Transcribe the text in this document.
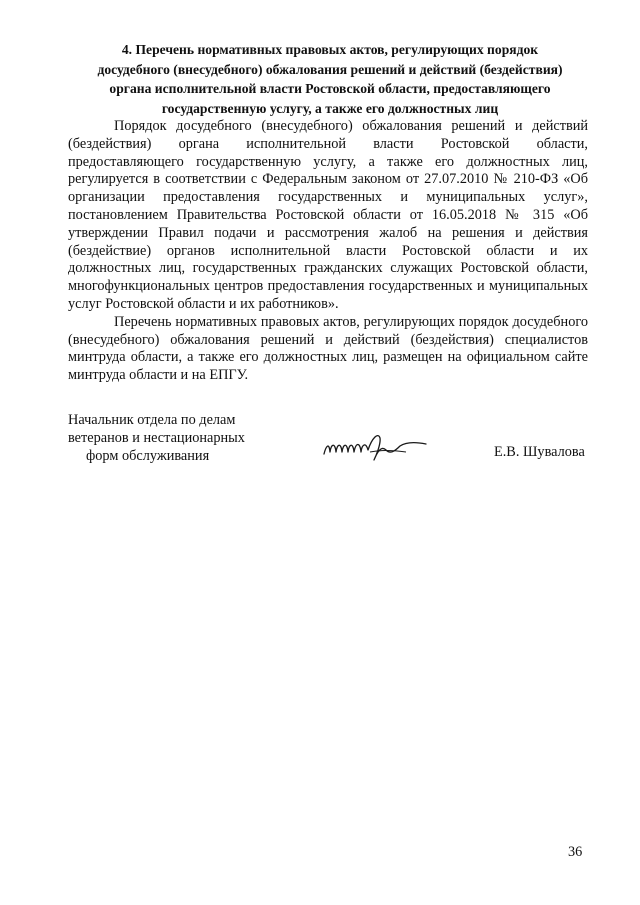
4. Перечень нормативных правовых актов, регулирующих порядок
досудебного (внесудебного) обжалования решений и действий (бездействия)
органа исполнительной власти Ростовской области, предоставляющего
государственную услугу, а также его должностных лиц

Порядок досудебного (внесудебного) обжалования решений и действий (бездействия) органа исполнительной власти Ростовской области, предоставляющего государственную услугу, а также его должностных лиц, регулируется в соответствии с Федеральным законом от 27.07.2010 № 210-ФЗ «Об организации предоставления государственных и муниципальных услуг», постановлением Правительства Ростовской области от 16.05.2018 № 315 «Об утверждении Правил подачи и рассмотрения жалоб на решения и действия (бездействие) органов исполнительной власти Ростовской области и их должностных лиц, государственных гражданских служащих Ростовской области, многофункциональных центров предоставления государственных и муниципальных услуг Ростовской области и их работников».

Перечень нормативных правовых актов, регулирующих порядок досудебного (внесудебного) обжалования решений и действий (бездействия) специалистов минтруда области, а также его должностных лиц, размещен на официальном сайте минтруда области и на ЕПГУ.

Начальник отдела по делам
ветеранов и нестационарных
форм обслуживания	Е.В. Шувалова
36
